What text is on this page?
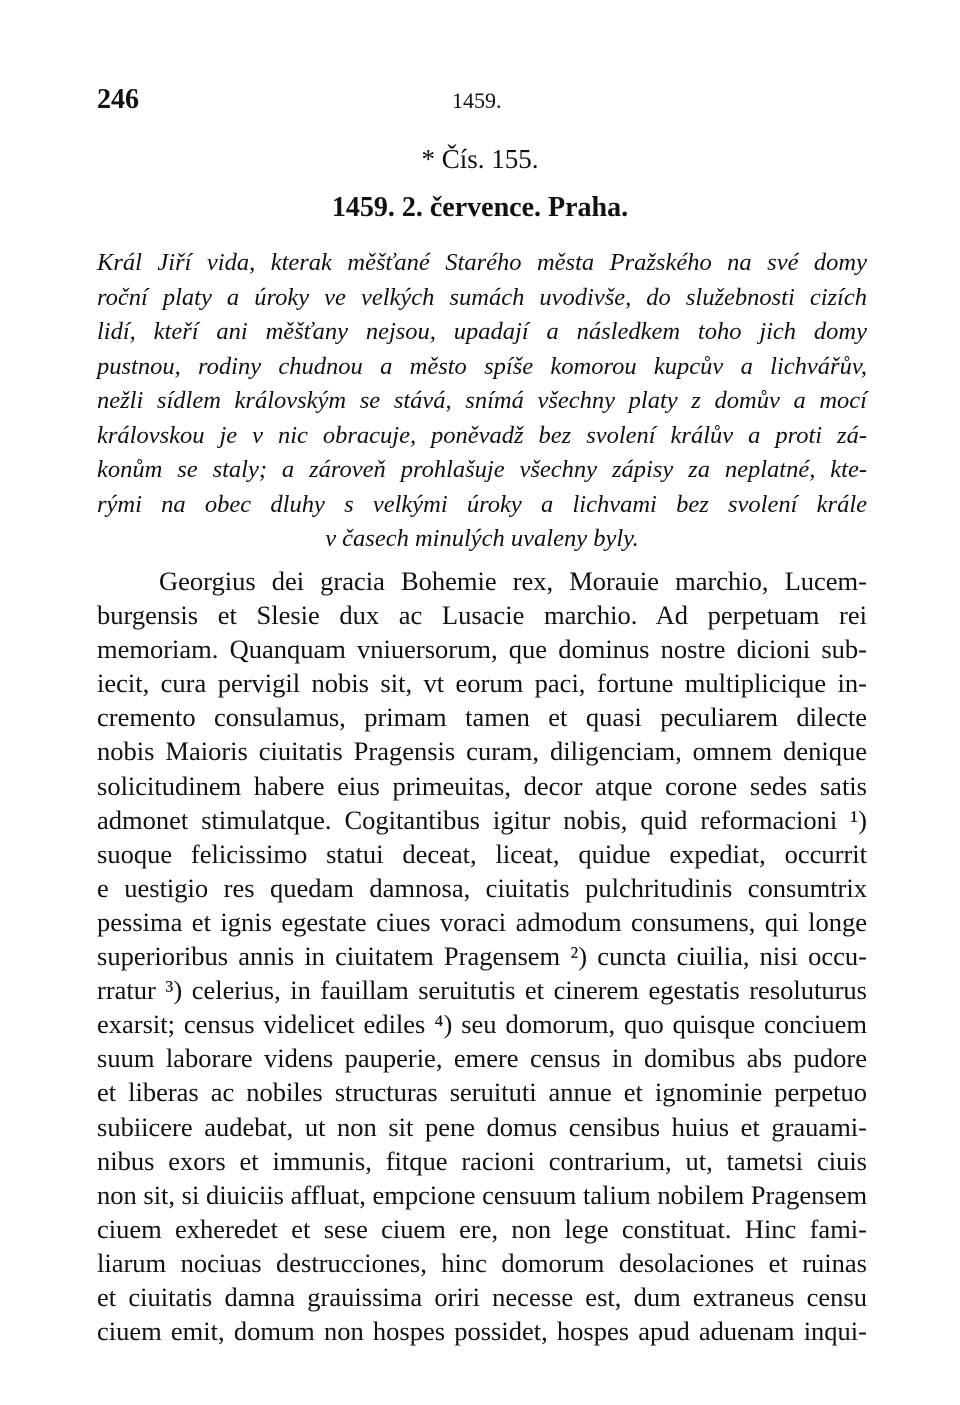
246	1459.
* Čís. 155.
1459. 2. července. Praha.
Král Jiří vida, kterak měšťané Starého města Pražského na své domy
roční platy a úroky ve velkých sumách uvodivše, do služebnosti cizích
lidí, kteří ani měšťany nejsou, upadají a následkem toho jich domy
pustnou, rodiny chudnou a město spíše komorou kupcův a lichvářův,
nežli sídlem královským se stává, snímá všechny platy z domův a mocí
královskou je v nic obracuje, poněvadž bez svolení králův a proti zá-
konům se staly; a zároveň prohlašuje všechny zápisy za neplatné, kte-
rými na obec dluhy s velkými úroky a lichvami bez svolení krále
v časech minulých uvaleny byly.
Georgius dei gracia Bohemie rex, Morauie marchio, Lucem-
burgensis et Slesie dux ac Lusacie marchio. Ad perpetuam rei
memoriam. Quanquam vniuersorum, que dominus nostre dicioni sub-
iecit, cura pervigil nobis sit, vt eorum paci, fortune multiplicique in-
cremento consulamus, primam tamen et quasi peculiarem dilecte
nobis Maioris ciuitatis Pragensis curam, diligenciam, omnem denique
solicitudinem habere eius primeuitas, decor atque corone sedes satis
admonet stimulatque. Cogitantibus igitur nobis, quid reformacioni ¹)
suoque felicissimo statui deceat, liceat, quidue expediat, occurrit
e uestigio res quedam damnosa, ciuitatis pulchritudinis consumtrix
pessima et ignis egestate ciues voraci admodum consumens, qui longe
superioribus annis in ciuitatem Pragensem ²) cuncta ciuilia, nisi occu-
rratur ³) celerius, in fauillam seruitutis et cinerem egestatis resoluturus
exarsit; census videlicet ediles ⁴) seu domorum, quo quisque conciuem
suum laborare videns pauperie, emere census in domibus abs pudore
et liberas ac nobiles structuras seruituti annue et ignominie perpetuo
subiicere audebat, ut non sit pene domus censibus huius et grauami-
nibus exors et immunis, fitque racioni contrarium, ut, tametsi ciuis
non sit, si diuiciis affluat, empcione censuum talium nobilem Pragensem
ciuem exheredet et sese ciuem ere, non lege constituat. Hinc fami-
liarum nociuas destrucciones, hinc domorum desolaciones et ruinas
et ciuitatis damna grauissima oriri necesse est, dum extraneus censu
ciuem emit, domum non hospes possidet, hospes apud aduenam inqui-
